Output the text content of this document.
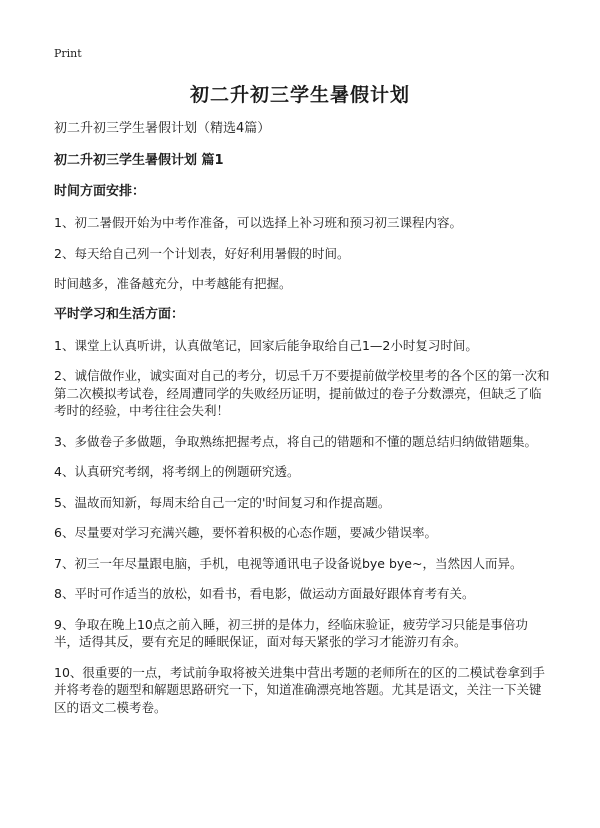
Print
初二升初三学生暑假计划
初二升初三学生暑假计划（精选4篇）
初二升初三学生暑假计划 篇1
时间方面安排：
1、初二暑假开始为中考作准备，可以选择上补习班和预习初三课程内容。
2、每天给自己列一个计划表，好好利用暑假的时间。
时间越多，准备越充分，中考越能有把握。
平时学习和生活方面：
1、课堂上认真听讲，认真做笔记，回家后能争取给自己1—2小时复习时间。
2、诚信做作业，诚实面对自己的考分，切忌千万不要提前做学校里考的各个区的第一次和第二次模拟考试卷，经周遭同学的失败经历证明，提前做过的卷子分数漂亮，但缺乏了临考时的经验，中考往往会失利！
3、多做卷子多做题，争取熟练把握考点，将自己的错题和不懂的题总结归纳做错题集。
4、认真研究考纲，将考纲上的例题研究透。
5、温故而知新，每周末给自己一定的'时间复习和作提高题。
6、尽量要对学习充满兴趣，要怀着积极的心态作题，要减少错误率。
7、初三一年尽量跟电脑，手机，电视等通讯电子设备说bye bye~，当然因人而异。
8、平时可作适当的放松，如看书，看电影，做运动方面最好跟体育考有关。
9、争取在晚上10点之前入睡，初三拼的是体力，经临床验证，疲劳学习只能是事倍功半，适得其反，要有充足的睡眠保证，面对每天紧张的学习才能游刃有余。
10、很重要的一点，考试前争取将被关进集中营出考题的老师所在的区的二模试卷拿到手并将考卷的题型和解题思路研究一下，知道准确漂亮地答题。尤其是语文，关注一下关键区的语文二模考卷。
